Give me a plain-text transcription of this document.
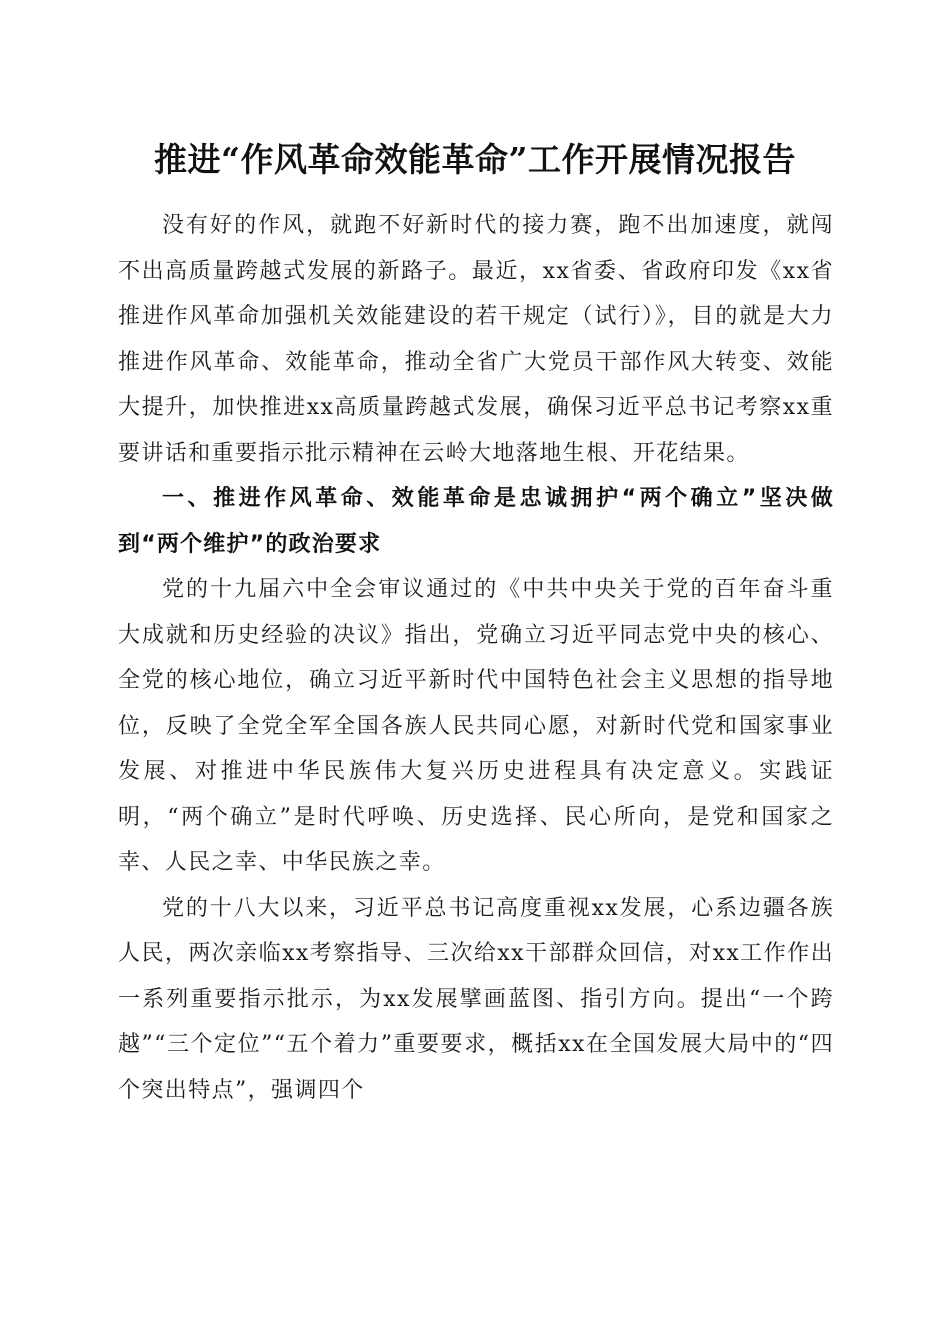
推进“作风革命效能革命”工作开展情况报告

没有好的作风，就跑不好新时代的接力赛，跑不出加速度，就闯不出高质量跨越式发展的新路子。最近，xx省委、省政府印发《xx省推进作风革命加强机关效能建设的若干规定（试行）》，目的就是大力推进作风革命、效能革命，推动全省广大党员干部作风大转变、效能大提升，加快推进xx高质量跨越式发展，确保习近平总书记考察xx重要讲话和重要指示批示精神在云岭大地落地生根、开花结果。

一、推进作风革命、效能革命是忠诚拥护“两个确立”坚决做到“两个维护”的政治要求

党的十九届六中全会审议通过的《中共中央关于党的百年奋斗重大成就和历史经验的决议》指出，党确立习近平同志党中央的核心、全党的核心地位，确立习近平新时代中国特色社会主义思想的指导地位，反映了全党全军全国各族人民共同心愿，对新时代党和国家事业发展、对推进中华民族伟大复兴历史进程具有决定意义。实践证明，“两个确立”是时代呼唤、历史选择、民心所向，是党和国家之幸、人民之幸、中华民族之幸。

党的十八大以来，习近平总书记高度重视xx发展，心系边疆各族人民，两次亲临xx考察指导、三次给xx干部群众回信，对xx工作作出一系列重要指示批示，为xx发展擘画蓝图、指引方向。提出“一个跨越”“三个定位”“五个着力”重要要求，概括xx在全国发展大局中的“四个突出特点”，强调四个
